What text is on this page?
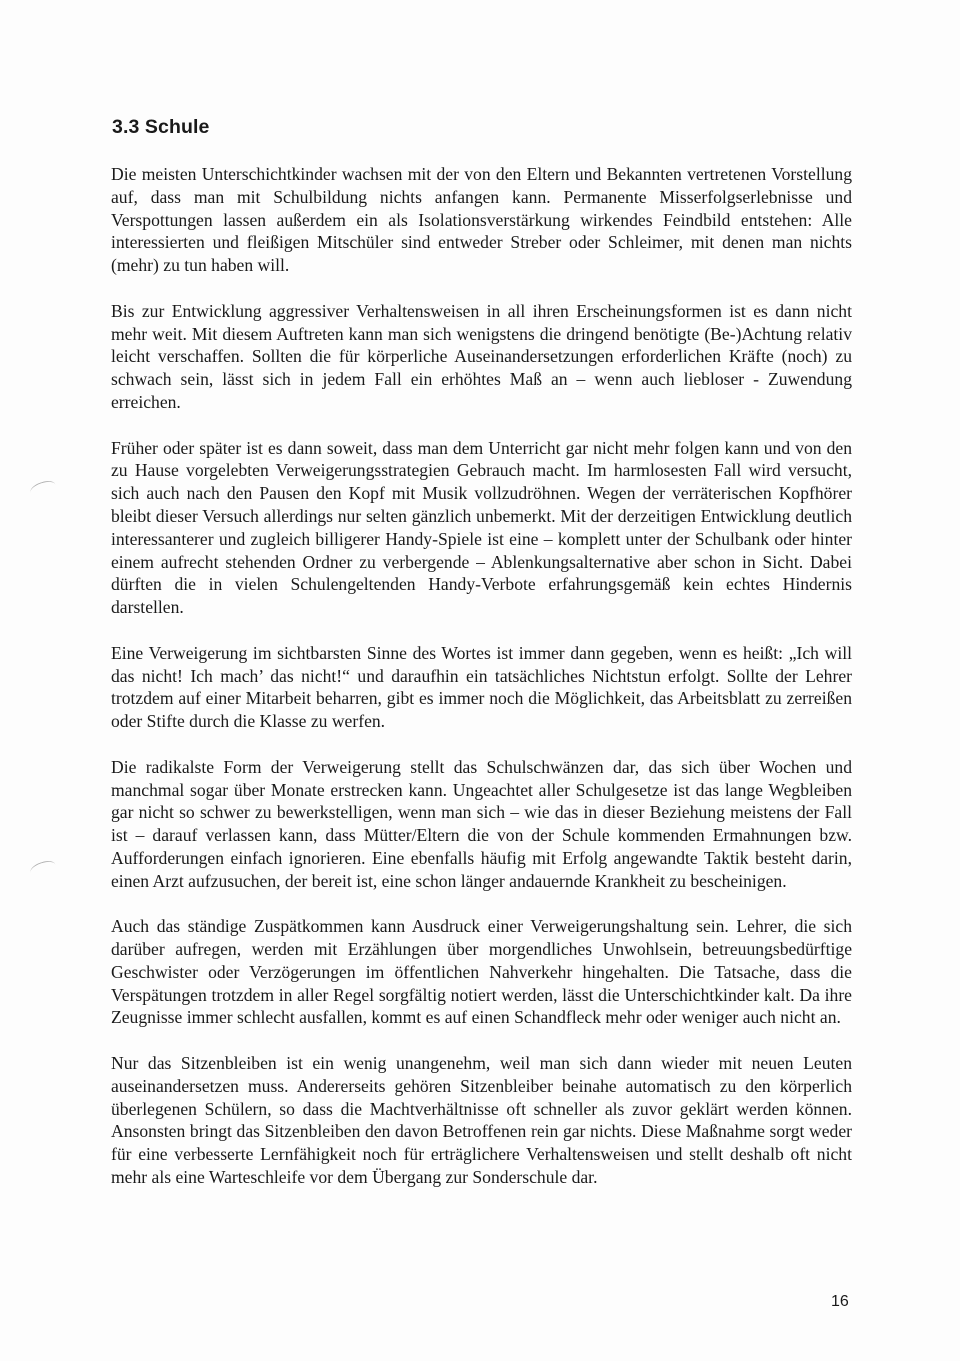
3.3 Schule

Die meisten Unterschichtkinder wachsen mit der von den Eltern und Bekannten vertretenen Vorstellung auf, dass man mit Schulbildung nichts anfangen kann. Permanente Misserfolgserlebnisse und Verspottungen lassen außerdem ein als Isolationsverstärkung wirkendes Feindbild entstehen: Alle interessierten und fleißigen Mitschüler sind entweder Streber oder Schleimer, mit denen man nichts (mehr) zu tun haben will.

Bis zur Entwicklung aggressiver Verhaltensweisen in all ihren Erscheinungsformen ist es dann nicht mehr weit. Mit diesem Auftreten kann man sich wenigstens die dringend benötigte (Be-)Achtung relativ leicht verschaffen. Sollten die für körperliche Auseinandersetzungen erforderlichen Kräfte (noch) zu schwach sein, lässt sich in jedem Fall ein erhöhtes Maß an – wenn auch liebloser - Zuwendung erreichen.

Früher oder später ist es dann soweit, dass man dem Unterricht gar nicht mehr folgen kann und von den zu Hause vorgelebten Verweigerungsstrategien Gebrauch macht. Im harmlosesten Fall wird versucht, sich auch nach den Pausen den Kopf mit Musik vollzudröhnen. Wegen der verräterischen Kopfhörer bleibt dieser Versuch allerdings nur selten gänzlich unbemerkt. Mit der derzeitigen Entwicklung deutlich interessanterer und zugleich billigerer Handy-Spiele ist eine – komplett unter der Schulbank oder hinter einem aufrecht stehenden Ordner zu verbergende – Ablenkungsalternative aber schon in Sicht. Dabei dürften die in vielen Schulengeltenden Handy-Verbote erfahrungsgemäß kein echtes Hindernis darstellen.

Eine Verweigerung im sichtbarsten Sinne des Wortes ist immer dann gegeben, wenn es heißt: „Ich will das nicht! Ich mach’ das nicht!“ und daraufhin ein tatsächliches Nichtstun erfolgt. Sollte der Lehrer trotzdem auf einer Mitarbeit beharren, gibt es immer noch die Möglichkeit, das Arbeitsblatt zu zerreißen oder Stifte durch die Klasse zu werfen.

Die radikalste Form der Verweigerung stellt das Schulschwänzen dar, das sich über Wochen und manchmal sogar über Monate erstrecken kann. Ungeachtet aller Schulgesetze ist das lange Wegbleiben gar nicht so schwer zu bewerkstelligen, wenn man sich – wie das in dieser Beziehung meistens der Fall ist – darauf verlassen kann, dass Mütter/Eltern die von der Schule kommenden Ermahnungen bzw. Aufforderungen einfach ignorieren. Eine ebenfalls häufig mit Erfolg angewandte Taktik besteht darin, einen Arzt aufzusuchen, der bereit ist, eine schon länger andauernde Krankheit zu bescheinigen.

Auch das ständige Zuspätkommen kann Ausdruck einer Verweigerungshaltung sein. Lehrer, die sich darüber aufregen, werden mit Erzählungen über morgendliches Unwohlsein, betreuungsbedürftige Geschwister oder Verzögerungen im öffentlichen Nahverkehr hingehalten. Die Tatsache, dass die Verspätungen trotzdem in aller Regel sorgfältig notiert werden, lässt die Unterschichtkinder kalt. Da ihre Zeugnisse immer schlecht ausfallen, kommt es auf einen Schandfleck mehr oder weniger auch nicht an.

Nur das Sitzenbleiben ist ein wenig unangenehm, weil man sich dann wieder mit neuen Leuten auseinandersetzen muss. Andererseits gehören Sitzenbleiber beinahe automatisch zu den körperlich überlegenen Schülern, so dass die Machtverhältnisse oft schneller als zuvor geklärt werden können. Ansonsten bringt das Sitzenbleiben den davon Betroffenen rein gar nichts. Diese Maßnahme sorgt weder für eine verbesserte Lernfähigkeit noch für erträglichere Verhaltensweisen und stellt deshalb oft nicht mehr als eine Warteschleife vor dem Übergang zur Sonderschule dar.

16
